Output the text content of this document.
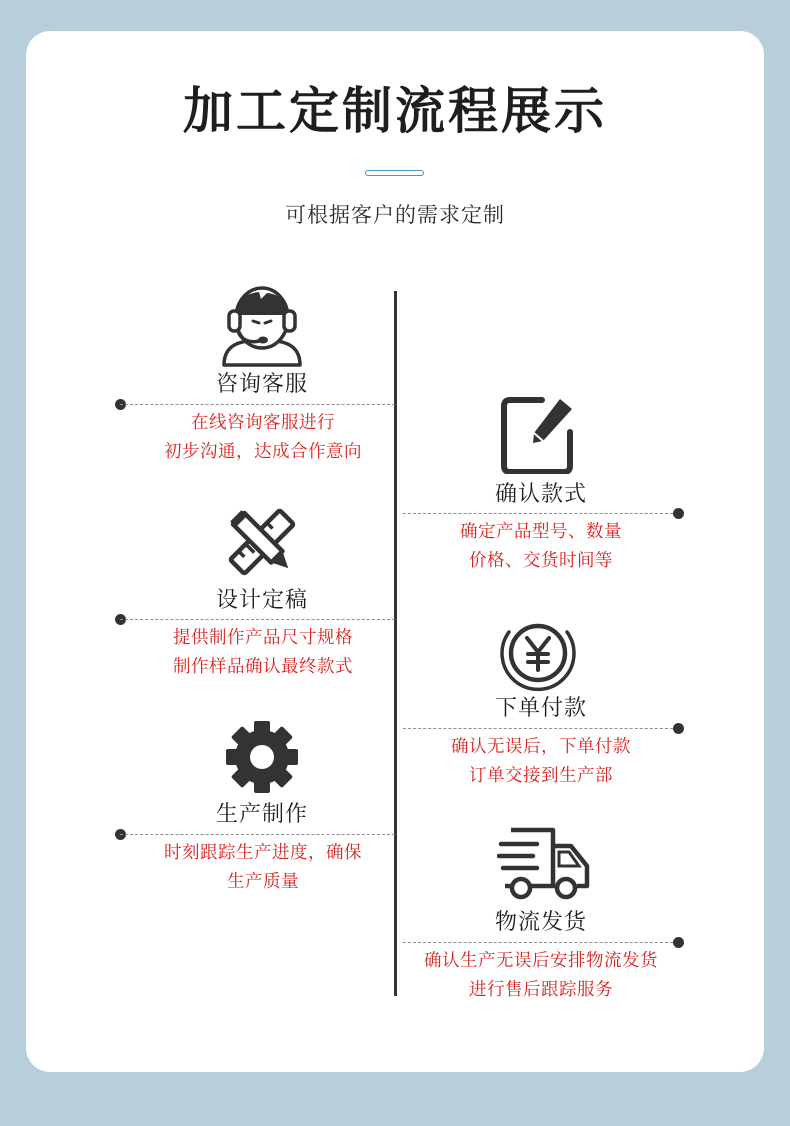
加工定制流程展示
可根据客户的需求定制
咨询客服
在线咨询客服进行
初步沟通，达成合作意向
确认款式
确定产品型号、数量
价格、交货时间等
设计定稿
提供制作产品尺寸规格
制作样品确认最终款式
下单付款
确认无误后，下单付款
订单交接到生产部
生产制作
时刻跟踪生产进度，确保
生产质量
物流发货
确认生产无误后安排物流发货
进行售后跟踪服务
